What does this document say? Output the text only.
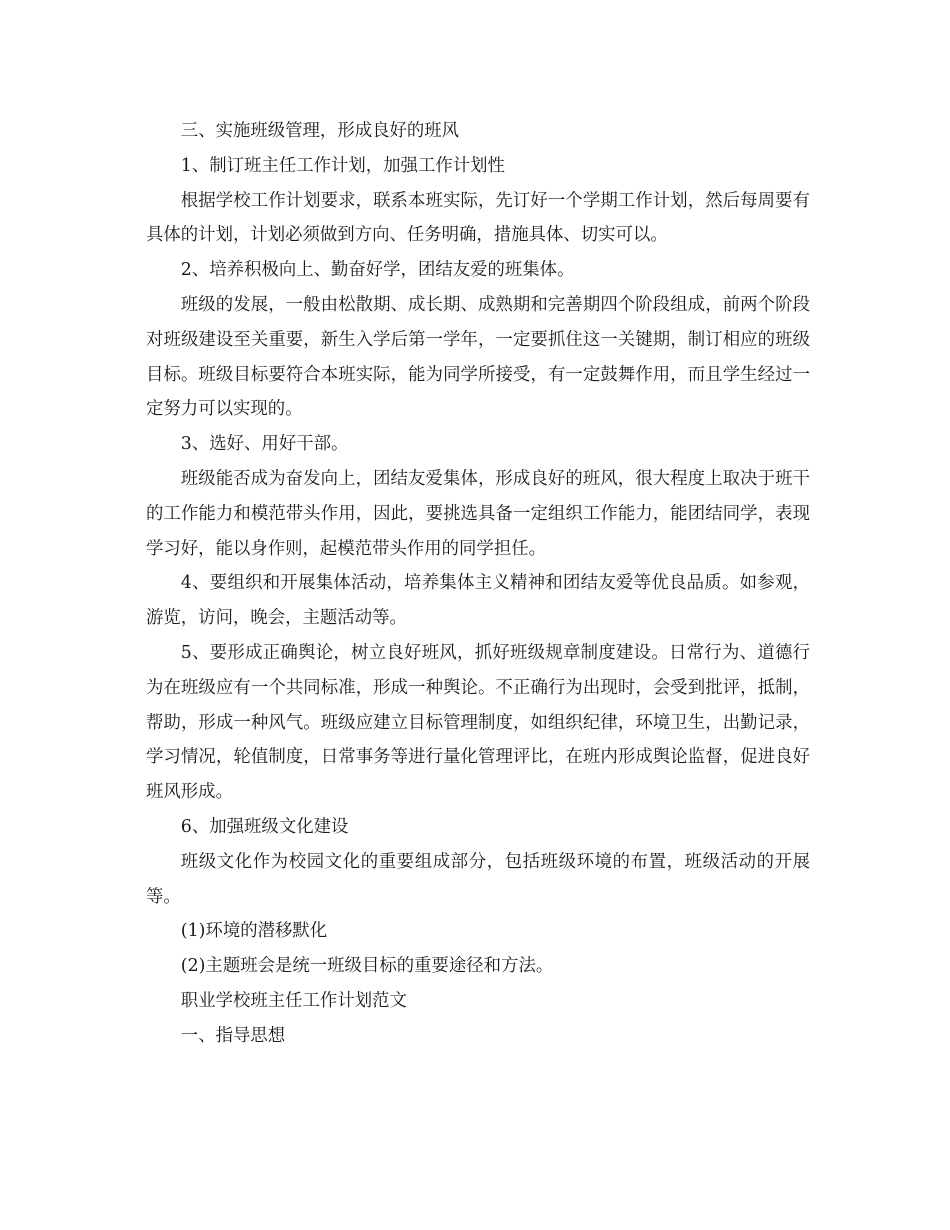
三、实施班级管理，形成良好的班风

1、制订班主任工作计划，加强工作计划性

根据学校工作计划要求，联系本班实际，先订好一个学期工作计划，然后每周要有具体的计划，计划必须做到方向、任务明确，措施具体、切实可以。

2、培养积极向上、勤奋好学，团结友爱的班集体。

班级的发展，一般由松散期、成长期、成熟期和完善期四个阶段组成，前两个阶段对班级建设至关重要，新生入学后第一学年，一定要抓住这一关键期，制订相应的班级目标。班级目标要符合本班实际，能为同学所接受，有一定鼓舞作用，而且学生经过一定努力可以实现的。

3、选好、用好干部。

班级能否成为奋发向上，团结友爱集体，形成良好的班风，很大程度上取决于班干的工作能力和模范带头作用，因此，要挑选具备一定组织工作能力，能团结同学，表现学习好，能以身作则，起模范带头作用的同学担任。

4、要组织和开展集体活动，培养集体主义精神和团结友爱等优良品质。如参观，游览，访问，晚会，主题活动等。

5、要形成正确舆论，树立良好班风，抓好班级规章制度建设。日常行为、道德行为在班级应有一个共同标准，形成一种舆论。不正确行为出现时，会受到批评，抵制，帮助，形成一种风气。班级应建立目标管理制度，如组织纪律，环境卫生，出勤记录，学习情况，轮值制度，日常事务等进行量化管理评比，在班内形成舆论监督，促进良好班风形成。

6、加强班级文化建设

班级文化作为校园文化的重要组成部分，包括班级环境的布置，班级活动的开展等。

(1)环境的潜移默化

(2)主题班会是统一班级目标的重要途径和方法。

职业学校班主任工作计划范文

一、指导思想
